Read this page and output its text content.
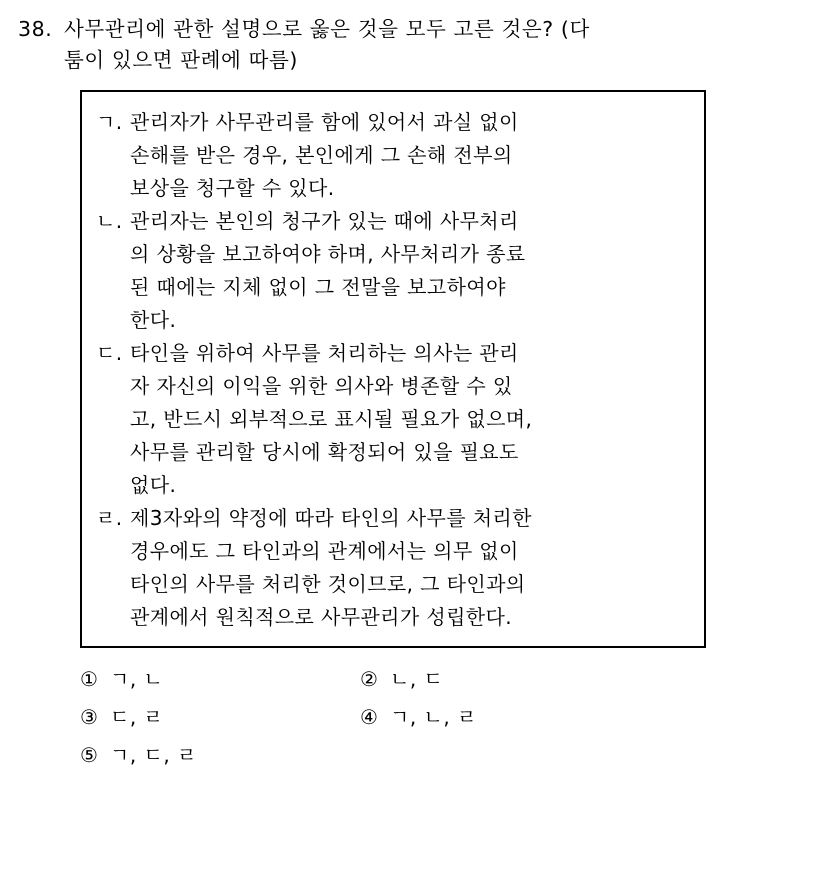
38. 사무관리에 관한 설명으로 옳은 것을 모두 고른 것은? (다
툼이 있으면 판례에 따름)
ㄱ. 관리자가 사무관리를 함에 있어서 과실 없이
손해를 받은 경우, 본인에게 그 손해 전부의
보상을 청구할 수 있다.
ㄴ. 관리자는 본인의 청구가 있는 때에 사무처리
의 상황을 보고하여야 하며, 사무처리가 종료
된 때에는 지체 없이 그 전말을 보고하여야
한다.
ㄷ. 타인을 위하여 사무를 처리하는 의사는 관리
자 자신의 이익을 위한 의사와 병존할 수 있
고, 반드시 외부적으로 표시될 필요가 없으며,
사무를 관리할 당시에 확정되어 있을 필요도
없다.
ㄹ. 제3자와의 약정에 따라 타인의 사무를 처리한
경우에도 그 타인과의 관계에서는 의무 없이
타인의 사무를 처리한 것이므로, 그 타인과의
관계에서 원칙적으로 사무관리가 성립한다.
① ㄱ, ㄴ	② ㄴ, ㄷ
③ ㄷ, ㄹ	④ ㄱ, ㄴ, ㄹ
⑤ ㄱ, ㄷ, ㄹ
